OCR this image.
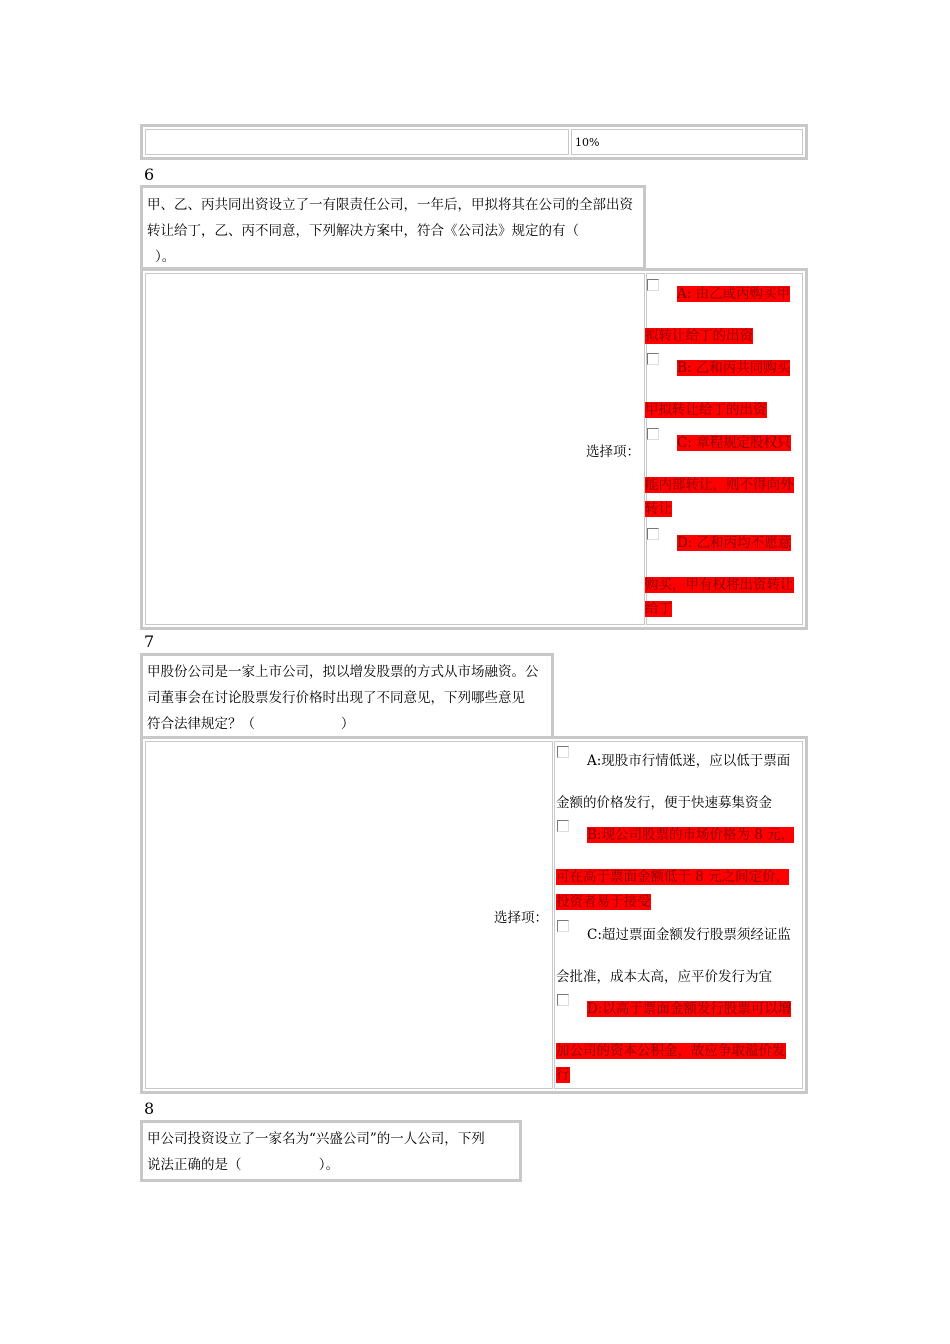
10%
6
甲、乙、丙共同出资设立了一有限责任公司，一年后，甲拟将其在公司的全部出资
转让给丁，乙、丙不同意，下列解决方案中，符合《公司法》规定的有（
）。
选择项：
A: 由乙或丙购买甲
拟转让给丁的出资
B: 乙和丙共同购买
甲拟转让给丁的出资
C: 章程规定股权只
能内部转让，则不得向外
转让
D: 乙和丙均不愿意
购买，甲有权将出资转让
给丁
7
甲股份公司是一家上市公司，拟以增发股票的方式从市场融资。公
司董事会在讨论股票发行价格时出现了不同意见，下列哪些意见
符合法律规定？（                    ）
选择项：
A:现股市行情低迷，应以低于票面
金额的价格发行，便于快速募集资金
B:现公司股票的市场价格为 8 元，
可在高于票面金额低于 8 元之间定价，
投资者易于接受
C:超过票面金额发行股票须经证监
会批准，成本太高，应平价发行为宜
D:以高于票面金额发行股票可以增
加公司的资本公积金，故应争取溢价发
行
8
甲公司投资设立了一家名为“兴盛公司”的一人公司，下列
说法正确的是（                  ）。
